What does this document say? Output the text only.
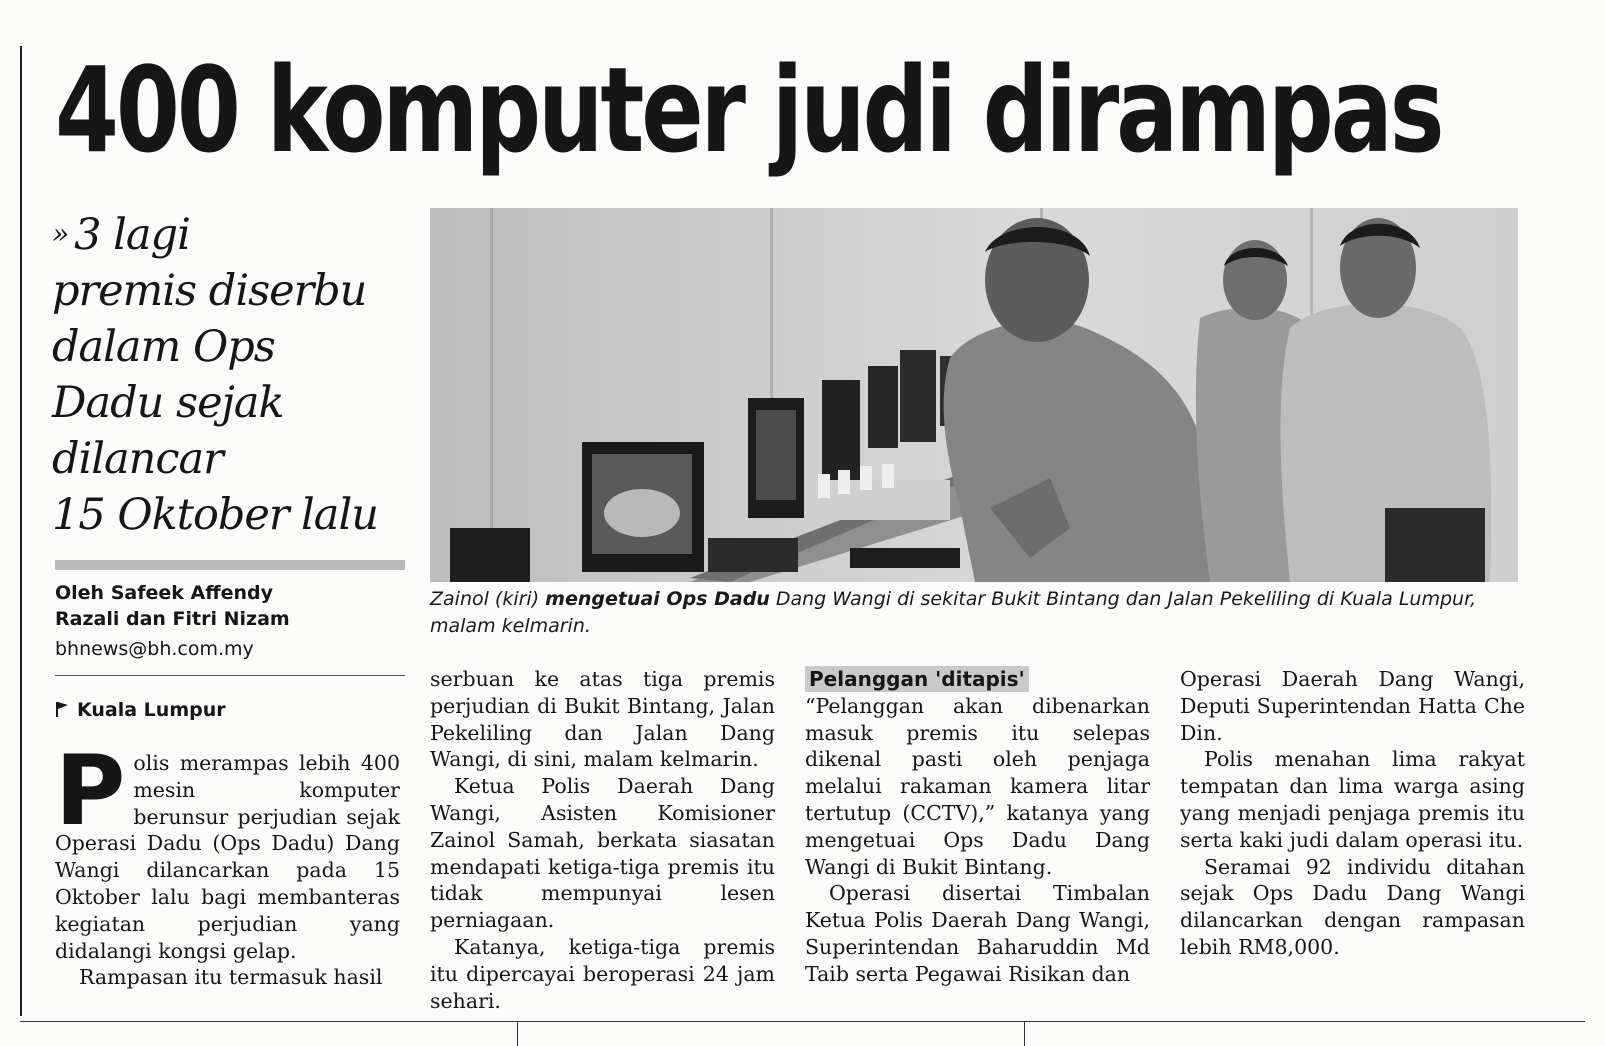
400 komputer judi dirampas
» 3 lagi
premis diserbu
dalam Ops
Dadu sejak
dilancar
15 Oktober lalu
Oleh Safeek Affendy
Razali dan Fitri Nizam
bhnews@bh.com.my
Kuala Lumpur

Zainol (kiri) mengetuai Ops Dadu Dang Wangi di sekitar Bukit Bintang dan Jalan Pekeliling di Kuala Lumpur, malam kelmarin.

Polis merampas lebih 400 mesin komputer berunsur perjudian sejak Operasi Dadu (Ops Dadu) Dang Wangi dilancarkan pada 15 Oktober lalu bagi membanteras kegiatan perjudian yang didalangi kongsi gelap.

Rampasan itu termasuk hasil

serbuan ke atas tiga premis perjudian di Bukit Bintang, Jalan Pekeliling dan Jalan Dang Wangi, di sini, malam kelmarin.

Ketua Polis Daerah Dang Wangi, Asisten Komisioner Zainol Samah, berkata siasatan mendapati ketiga-tiga premis itu tidak mempunyai lesen perniagaan.

Katanya, ketiga-tiga premis itu dipercayai beroperasi 24 jam sehari.

Pelanggan 'ditapis'

“Pelanggan akan dibenarkan masuk premis itu selepas dikenal pasti oleh penjaga melalui rakaman kamera litar tertutup (CCTV),” katanya yang mengetuai Ops Dadu Dang Wangi di Bukit Bintang.

Operasi disertai Timbalan Ketua Polis Daerah Dang Wangi, Superintendan Baharuddin Md Taib serta Pegawai Risikan dan

Operasi Daerah Dang Wangi, Deputi Superintendan Hatta Che Din.

Polis menahan lima rakyat tempatan dan lima warga asing yang menjadi penjaga premis itu serta kaki judi dalam operasi itu.

Seramai 92 individu ditahan sejak Ops Dadu Dang Wangi dilancarkan dengan rampasan lebih RM8,000.
